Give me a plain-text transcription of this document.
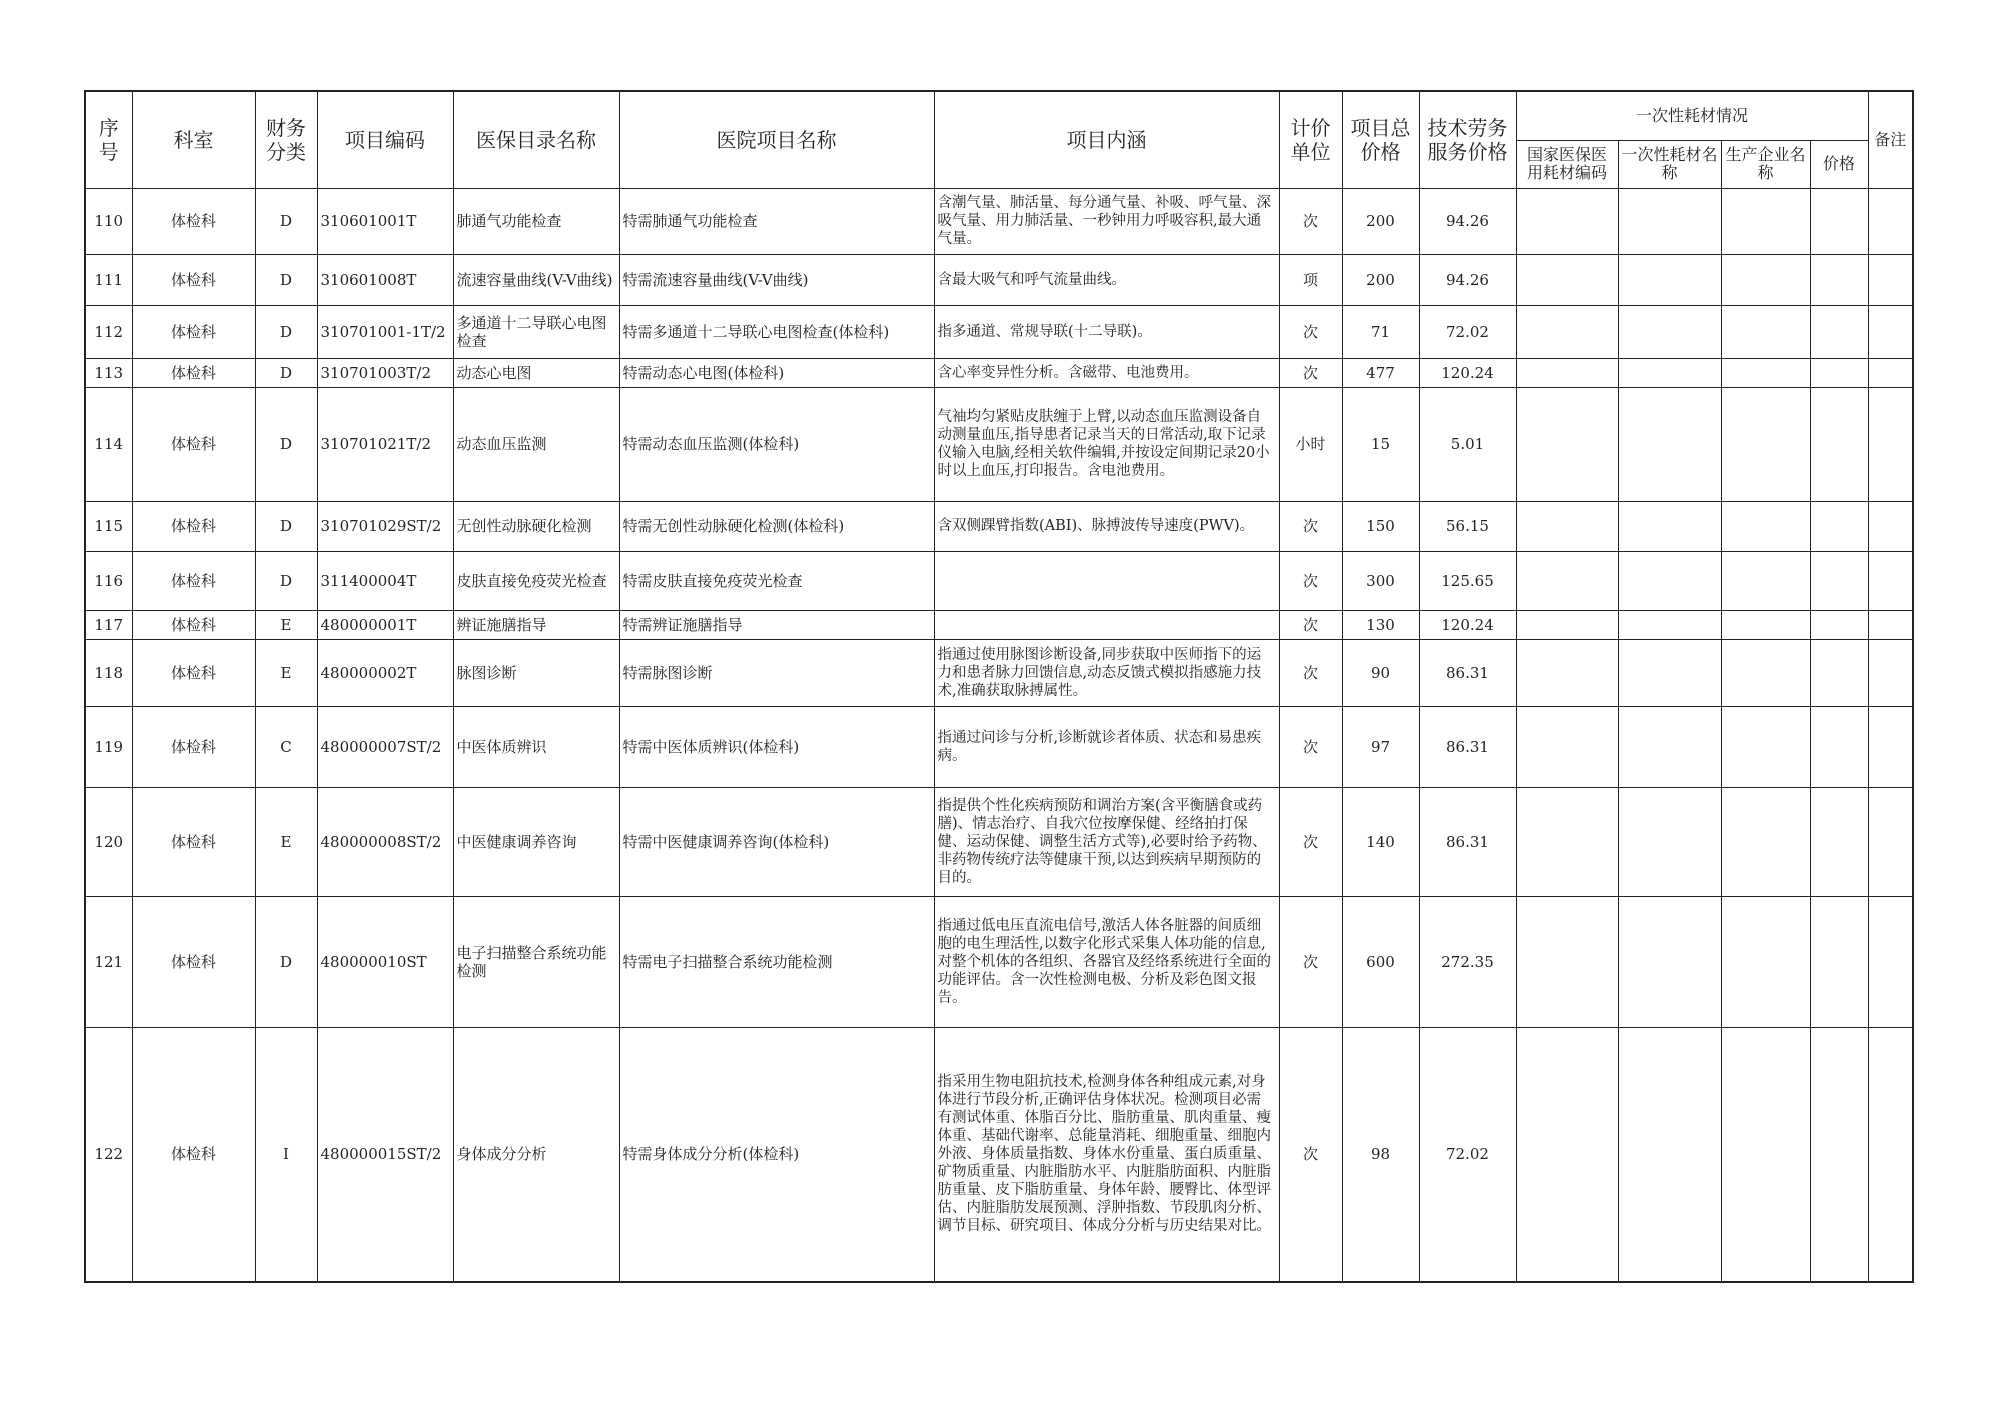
序号	科室	财务分类	项目编码	医保目录名称	医院项目名称	项目内涵	计价单位	项目总价格	技术劳务服务价格	一次性耗材情况				备注
										国家医保医用耗材编码	一次性耗材名称	生产企业名称	价格	
110	体检科	D	310601001T	肺通气功能检查	特需肺通气功能检查	含潮气量、肺活量、每分通气量、补吸、呼气量、深吸气量、用力肺活量、一秒钟用力呼吸容积,最大通气量。	次	200	94.26					
111	体检科	D	310601008T	流速容量曲线(V-V曲线)	特需流速容量曲线(V-V曲线)	含最大吸气和呼气流量曲线。	项	200	94.26					
112	体检科	D	310701001-1T/2	多通道十二导联心电图检查	特需多通道十二导联心电图检查(体检科)	指多通道、常规导联(十二导联)。	次	71	72.02					
113	体检科	D	310701003T/2	动态心电图	特需动态心电图(体检科)	含心率变异性分析。含磁带、电池费用。	次	477	120.24					
114	体检科	D	310701021T/2	动态血压监测	特需动态血压监测(体检科)	气袖均匀紧贴皮肤缠于上臂,以动态血压监测设备自动测量血压,指导患者记录当天的日常活动,取下记录仪输入电脑,经相关软件编辑,并按设定间期记录20小时以上血压,打印报告。含电池费用。	小时	15	5.01					
115	体检科	D	310701029ST/2	无创性动脉硬化检测	特需无创性动脉硬化检测(体检科)	含双侧踝臂指数(ABI)、脉搏波传导速度(PWV)。	次	150	56.15					
116	体检科	D	311400004T	皮肤直接免疫荧光检查	特需皮肤直接免疫荧光检查		次	300	125.65					
117	体检科	E	480000001T	辨证施膳指导	特需辨证施膳指导		次	130	120.24					
118	体检科	E	480000002T	脉图诊断	特需脉图诊断	指通过使用脉图诊断设备,同步获取中医师指下的运力和患者脉力回馈信息,动态反馈式模拟指感施力技术,准确获取脉搏属性。	次	90	86.31					
119	体检科	C	480000007ST/2	中医体质辨识	特需中医体质辨识(体检科)	指通过问诊与分析,诊断就诊者体质、状态和易患疾病。	次	97	86.31					
120	体检科	E	480000008ST/2	中医健康调养咨询	特需中医健康调养咨询(体检科)	指提供个性化疾病预防和调治方案(含平衡膳食或药膳)、情志治疗、自我穴位按摩保健、经络拍打保健、运动保健、调整生活方式等),必要时给予药物、非药物传统疗法等健康干预,以达到疾病早期预防的目的。	次	140	86.31					
121	体检科	D	480000010ST	电子扫描整合系统功能检测	特需电子扫描整合系统功能检测	指通过低电压直流电信号,激活人体各脏器的间质细胞的电生理活性,以数字化形式采集人体功能的信息,对整个机体的各组织、各器官及经络系统进行全面的功能评估。含一次性检测电极、分析及彩色图文报告。	次	600	272.35					
122	体检科	I	480000015ST/2	身体成分分析	特需身体成分分析(体检科)	指采用生物电阻抗技术,检测身体各种组成元素,对身体进行节段分析,正确评估身体状况。检测项目必需有测试体重、体脂百分比、脂肪重量、肌肉重量、瘦体重、基础代谢率、总能量消耗、细胞重量、细胞内外液、身体质量指数、身体水份重量、蛋白质重量、矿物质重量、内脏脂肪水平、内脏脂肪面积、内脏脂肪重量、皮下脂肪重量、身体年龄、腰臀比、体型评估、内脏脂肪发展预测、浮肿指数、节段肌肉分析、调节目标、研究项目、体成分分析与历史结果对比。	次	98	72.02					
